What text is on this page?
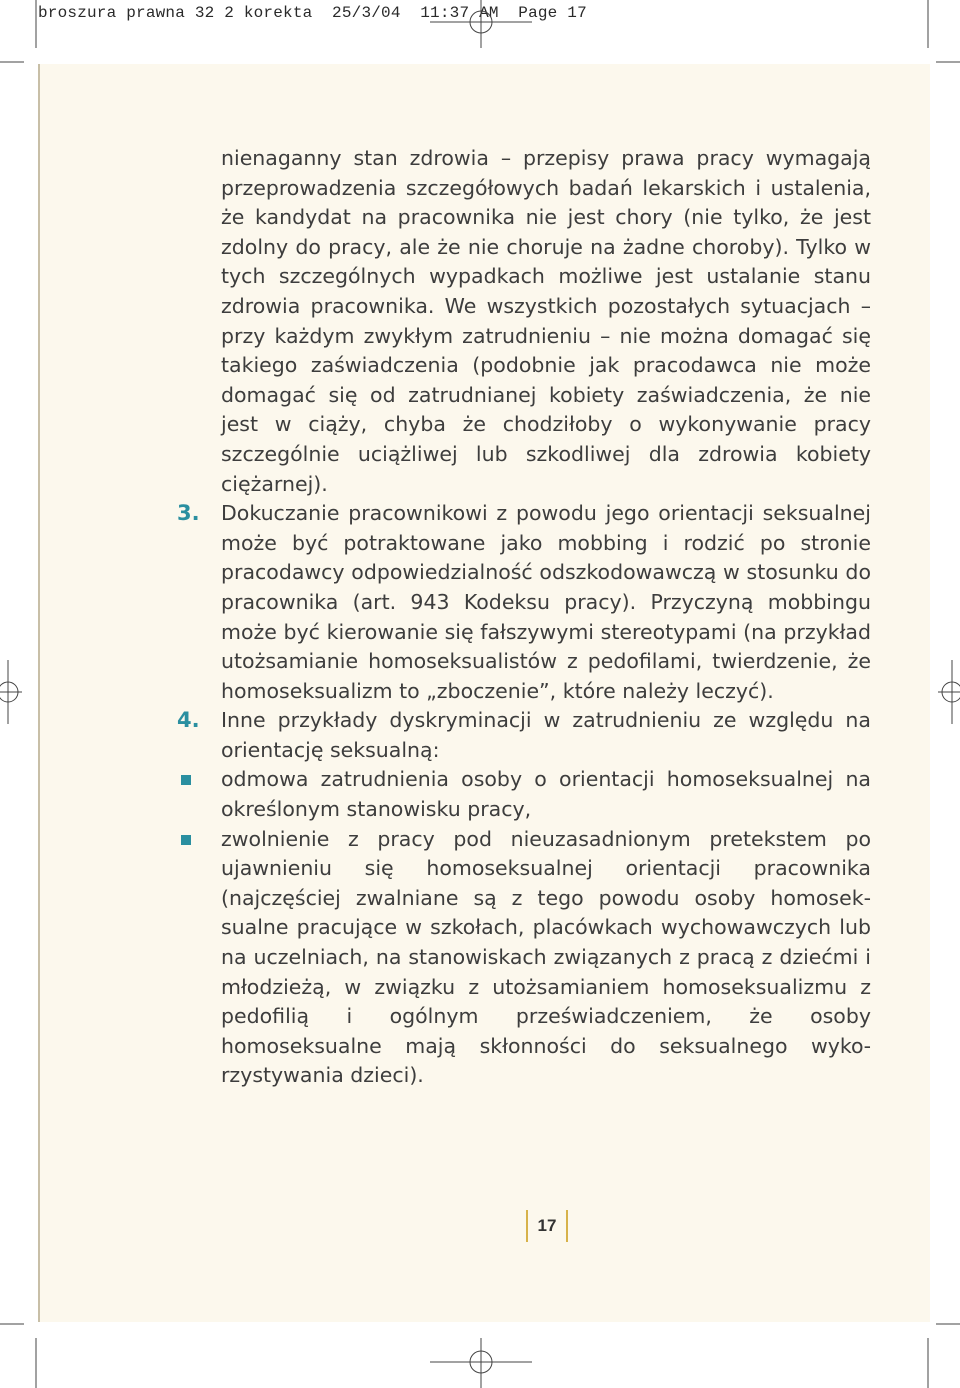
broszura prawna 32 2 korekta  25/3/04  11:37 AM  Page 17

nienaganny stan zdrowia – przepisy prawa pracy wymagają przeprowadzenia szczegółowych badań lekarskich i ustalenia, że kandydat na pracownika nie jest chory (nie tylko, że jest zdolny do pracy, ale że nie choruje na żadne choroby). Tylko w tych szczególnych wypadkach możliwe jest ustalanie stanu zdrowia pracownika. We wszystkich pozostałych sytuacjach – przy każdym zwykłym zatrudnieniu – nie można domagać się takiego zaświadczenia (podobnie jak pracodawca nie może domagać się od zatrudnianej kobiety zaświadczenia, że nie jest w ciąży, chyba że chodziłoby o wykonywanie pracy szczególnie uciążliwej lub szkodliwej dla zdrowia kobiety ciężarnej).

3. Dokuczanie pracownikowi z powodu jego orientacji seksualnej może być potraktowane jako mobbing i rodzić po stronie pracodawcy odpowiedzialność odszkodowawczą w stosunku do pracownika (art. 943 Kodeksu pracy). Przyczyną mobbingu może być kierowanie się fałszywymi stereotypami (na przykład utożsamianie homoseksualistów z pedofilami, twierdzenie, że homoseksualizm to „zboczenie”, które należy leczyć).
4. Inne przykłady dyskryminacji w zatrudnieniu ze względu na orientację seksualną:
odmowa zatrudnienia osoby o orientacji homoseksualnej na określonym stanowisku pracy,
zwolnienie z pracy pod nieuzasadnionym pretekstem po ujawnieniu się homoseksualnej orientacji pracownika (najczęściej zwalniane są z tego powodu osoby homoseksualne pracujące w szkołach, placówkach wychowawczych lub na uczelniach, na stanowiskach związanych z pracą z dziećmi i młodzieżą, w związku z utożsamianiem homoseksualizmu z pedofilią i ogólnym przeświadczeniem, że osoby homoseksualne mają skłonności do seksualnego wykorzystywania dzieci).
17
